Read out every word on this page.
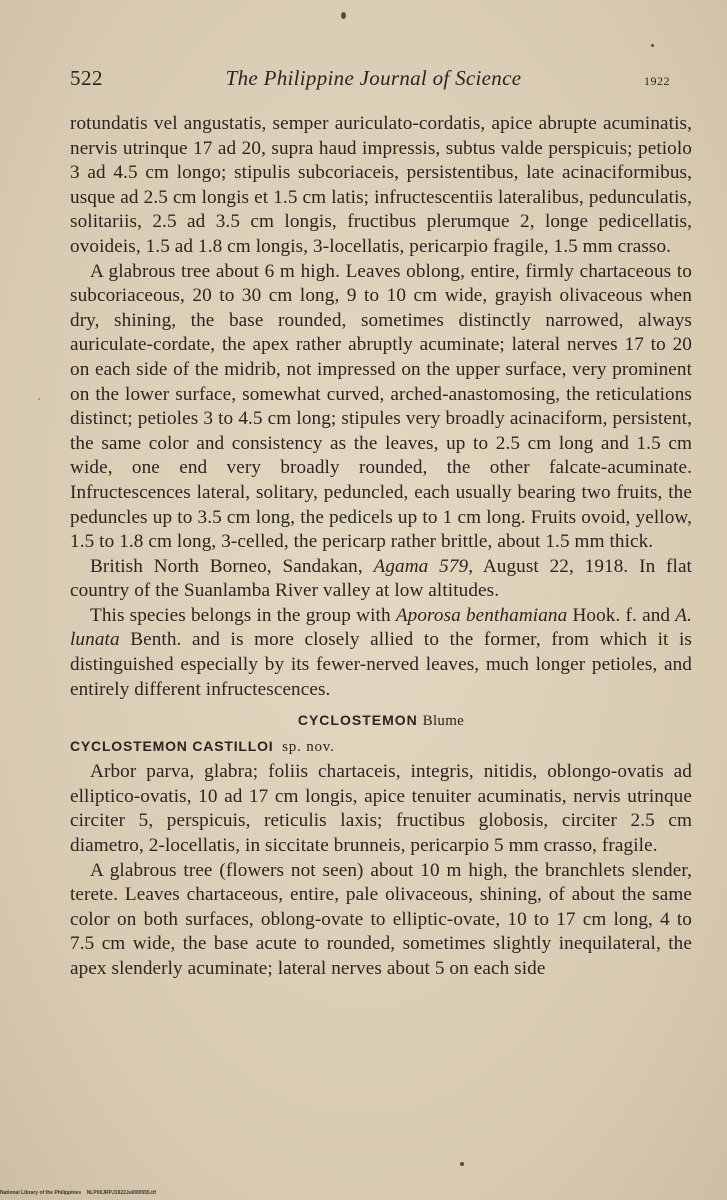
522	The Philippine Journal of Science	1922

rotundatis vel angustatis, semper auriculato-cordatis, apice abrupte acuminatis, nervis utrinque 17 ad 20, supra haud impressis, subtus valde perspicuis; petiolo 3 ad 4.5 cm longo; stipulis subcoriaceis, persistentibus, late acinaciformibus, usque ad 2.5 cm longis et 1.5 cm latis; infructescentiis lateralibus, pedunculatis, solitariis, 2.5 ad 3.5 cm longis, fructibus plerumque 2, longe pedicellatis, ovoideis, 1.5 ad 1.8 cm longis, 3-locellatis, pericarpio fragile, 1.5 mm crasso.

A glabrous tree about 6 m high. Leaves oblong, entire, firmly chartaceous to subcoriaceous, 20 to 30 cm long, 9 to 10 cm wide, grayish olivaceous when dry, shining, the base rounded, sometimes distinctly narrowed, always auriculate-cordate, the apex rather abruptly acuminate; lateral nerves 17 to 20 on each side of the midrib, not impressed on the upper surface, very prominent on the lower surface, somewhat curved, arched-anastomosing, the reticulations distinct; petioles 3 to 4.5 cm long; stipules very broadly acinaciform, persistent, the same color and consistency as the leaves, up to 2.5 cm long and 1.5 cm wide, one end very broadly rounded, the other falcate-acuminate. Infructescences lateral, solitary, peduncled, each usually bearing two fruits, the peduncles up to 3.5 cm long, the pedicels up to 1 cm long. Fruits ovoid, yellow, 1.5 to 1.8 cm long, 3-celled, the pericarp rather brittle, about 1.5 mm thick.

British North Borneo, Sandakan, Agama 579, August 22, 1918. In flat country of the Suanlamba River valley at low altitudes.

This species belongs in the group with Aporosa benthamiana Hook. f. and A. lunata Benth. and is more closely allied to the former, from which it is distinguished especially by its fewer-nerved leaves, much longer petioles, and entirely different infructescences.

CYCLOSTEMON Blume
CYCLOSTEMON CASTILLOI sp. nov.

Arbor parva, glabra; foliis chartaceis, integris, nitidis, oblongo-ovatis ad elliptico-ovatis, 10 ad 17 cm longis, apice tenuiter acuminatis, nervis utrinque circiter 5, perspicuis, reticulis laxis; fructibus globosis, circiter 2.5 cm diametro, 2-locellatis, in siccitate brunneis, pericarpio 5 mm crasso, fragile.

A glabrous tree (flowers not seen) about 10 m high, the branchlets slender, terete. Leaves chartaceous, entire, pale olivaceous, shining, of about the same color on both surfaces, oblong-ovate to elliptic-ovate, 10 to 17 cm long, 4 to 7.5 cm wide, the base acute to rounded, sometimes slightly inequilateral, the apex slenderly acuminate; lateral nerves about 5 on each side

National Library of the Philippines NLP00JRPJ1922Jul000555.tif
